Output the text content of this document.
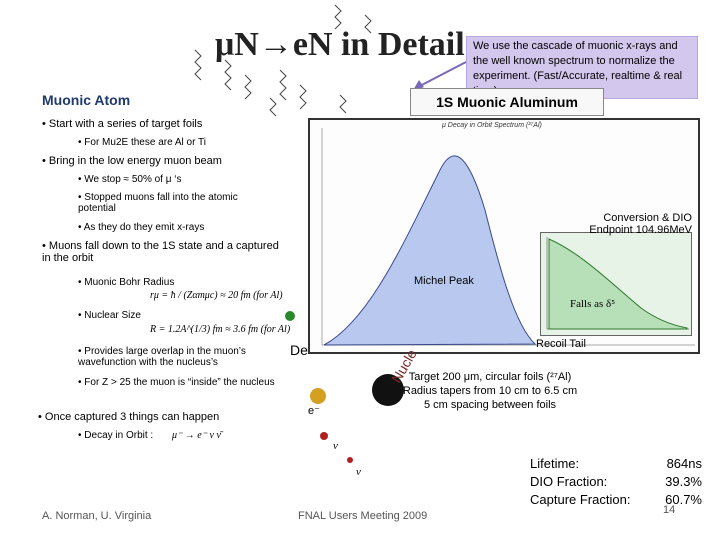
μN→eN in Detail We use the cascade of muonic x-rays and the well known spectrum to normalize the experiment. (Fast/Accurate, realtime & real
Muonic Atom	1S Muonic Aluminum
• Start with a series of target foils
• For Mu2E these are Al or Ti
• Bring in the low energy muon beam
• We stop ≈ 50% of μ ‘s
• Stopped muons fall into the atomic potential
• As they do they emit x-rays
• Muons fall down to the 1S state and a captured in the orbit
• Muonic Bohr Radius
• Nuclear Size
• Provides large overlap in the muon’s wavefunction with the nucleus’s
• For Z > 25 the muon is “inside” the nucleus
• Once captured 3 things can happen
• Decay in Orbit :
rμ = ħ / (Zαmμc) ≈ 20 fm (for Al)
R = 1.2A^(1/3) fm ≈ 3.6 fm (for Al)
μ⁻ → e⁻ ν ν̄
μ Decay in Orbit Spectrum (²⁷Al)
Conversion & DIO Endpoint 104.96MeV
Michel Peak
Falls as δ⁵
Recoil Tail
De	Nucle
e⁻
ν
ν
Target 200 μm, circular foils (²⁷Al) Radius tapers from 10 cm to 6.5 cm 5 cm spacing between foils
Lifetime:	864ns
DIO Fraction:	39.3%
Capture Fraction:	60.7%
A. Norman, U. Virginia	FNAL Users Meeting 2009	14
